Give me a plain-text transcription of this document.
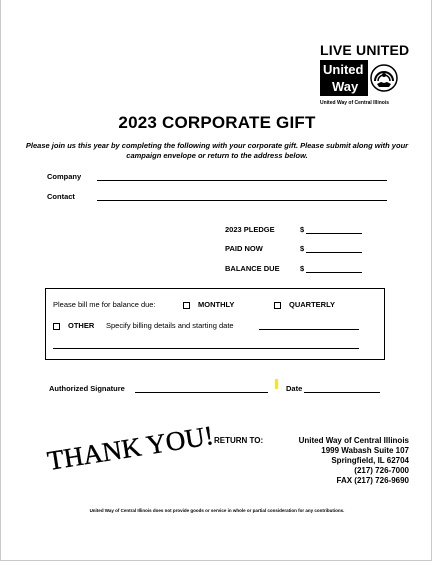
LIVE UNITED
United
Way
United Way of Central Illinois
2023 CORPORATE GIFT
Please join us this year by completing the following with your corporate gift. Please submit along with your campaign envelope or return to the address below.
Company
Contact
2023 PLEDGE	$
PAID NOW	$
BALANCE DUE	$
Please bill me for balance due:	MONTHLY	QUARTERLY
OTHER Specify billing details and starting date
Authorized Signature	Date
THANK YOU!
RETURN TO:	United Way of Central Illinois
1999 Wabash Suite 107
Springfield, IL 62704
(217) 726-7000
FAX (217) 726-9690
United Way of Central Illinois does not provide goods or service in whole or partial consideration for any contributions.
